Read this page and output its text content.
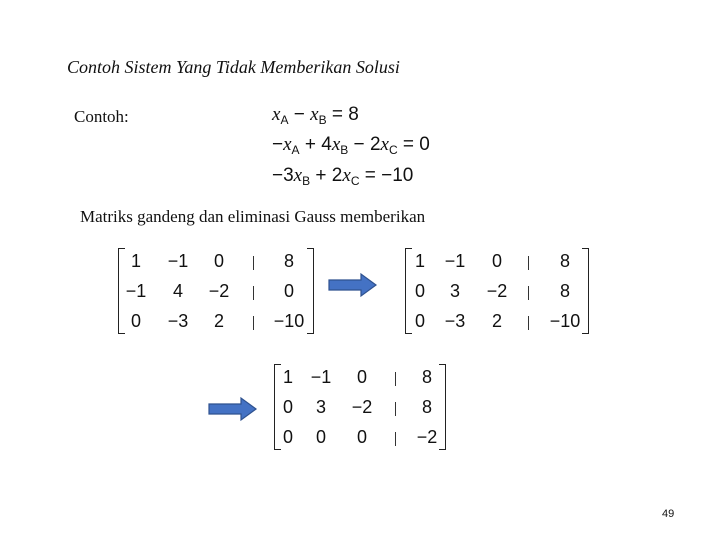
Contoh Sistem Yang Tidak Memberikan Solusi
Contoh:	$x_A - x_B = 8$
$-x_A + 4x_B - 2x_C = 0$
$-3x_B + 2x_C = -10$
Matriks gandeng dan eliminasi Gauss memberikan
1	−1	0	8
−1	4	−2	0
0	−3	2	−10
1	−1	0	8
0	3	−2	8
0	−3	2	−10
1 −1	0	8
0	3	−2	8
0	0	0	−2
49
